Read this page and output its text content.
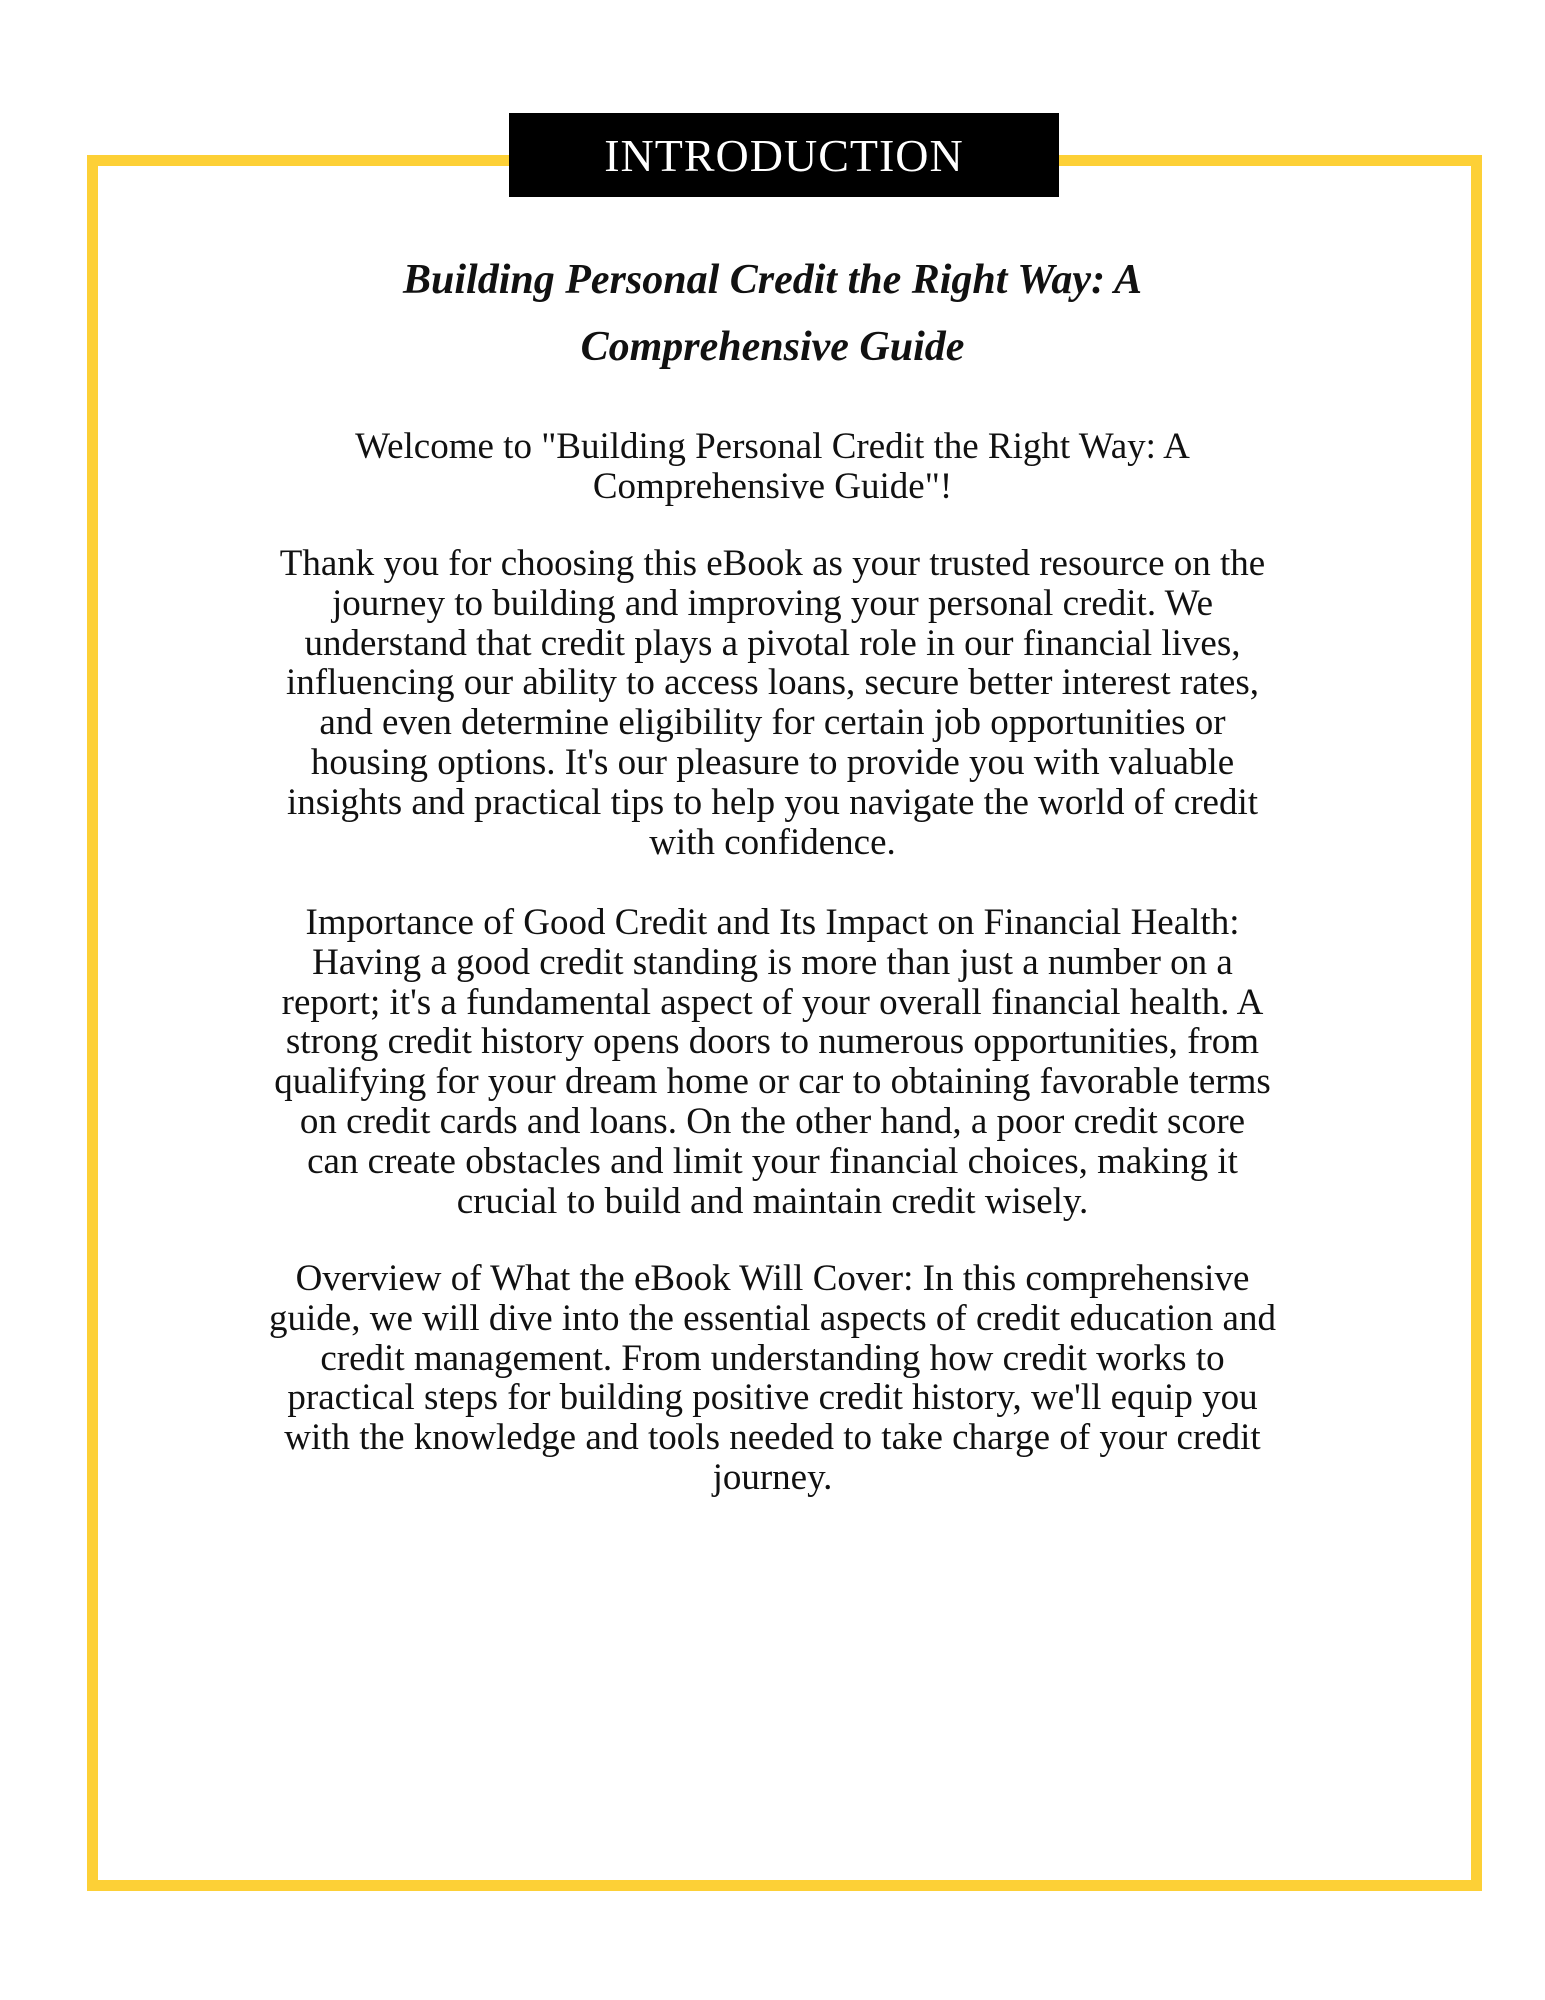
INTRODUCTION
Building Personal Credit the Right Way: A
Comprehensive Guide
Welcome to "Building Personal Credit the Right Way: A
Comprehensive Guide"!
Thank you for choosing this eBook as your trusted resource on the
journey to building and improving your personal credit. We
understand that credit plays a pivotal role in our financial lives,
influencing our ability to access loans, secure better interest rates,
and even determine eligibility for certain job opportunities or
housing options. It's our pleasure to provide you with valuable
insights and practical tips to help you navigate the world of credit
with confidence.
Importance of Good Credit and Its Impact on Financial Health:
Having a good credit standing is more than just a number on a
report; it's a fundamental aspect of your overall financial health. A
strong credit history opens doors to numerous opportunities, from
qualifying for your dream home or car to obtaining favorable terms
on credit cards and loans. On the other hand, a poor credit score
can create obstacles and limit your financial choices, making it
crucial to build and maintain credit wisely.
Overview of What the eBook Will Cover: In this comprehensive
guide, we will dive into the essential aspects of credit education and
credit management. From understanding how credit works to
practical steps for building positive credit history, we'll equip you
with the knowledge and tools needed to take charge of your credit
journey.
